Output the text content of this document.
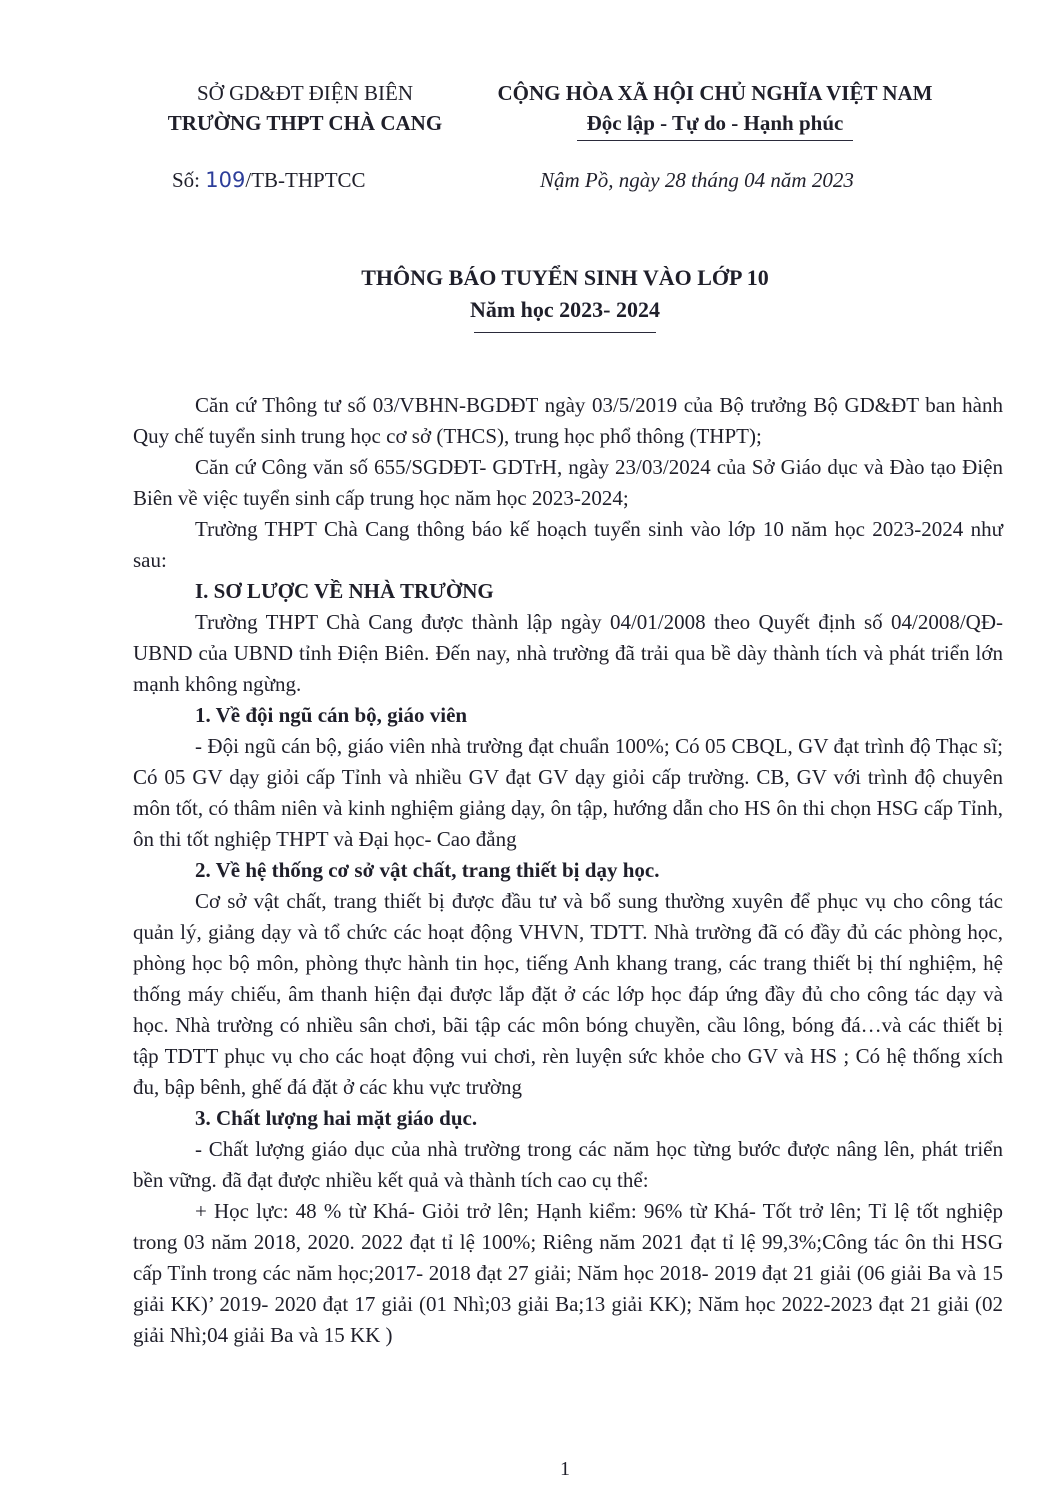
SỞ GD&ĐT ĐIỆN BIÊN
TRƯỜNG THPT CHÀ CANG
CỘNG HÒA XÃ HỘI CHỦ NGHĨA VIỆT NAM
Độc lập - Tự do - Hạnh phúc
Số: 109/TB-THPTCC	Nậm Pồ, ngày 28 tháng 04 năm 2023
THÔNG BÁO TUYỂN SINH VÀO LỚP 10
Năm học 2023- 2024

Căn cứ Thông tư số 03/VBHN-BGDĐT ngày 03/5/2019 của Bộ trưởng Bộ GD&ĐT ban hành Quy chế tuyển sinh trung học cơ sở (THCS), trung học phổ thông (THPT);

Căn cứ Công văn số 655/SGDĐT- GDTrH, ngày 23/03/2024 của Sở Giáo dục và Đào tạo Điện Biên về việc tuyển sinh cấp trung học năm học 2023-2024;

Trường THPT Chà Cang thông báo kế hoạch tuyển sinh vào lớp 10 năm học 2023-2024 như sau:

I. SƠ LƯỢC VỀ NHÀ TRƯỜNG

Trường THPT Chà Cang được thành lập ngày 04/01/2008 theo Quyết định số 04/2008/QĐ-UBND của UBND tỉnh Điện Biên. Đến nay, nhà trường đã trải qua bề dày thành tích và phát triển lớn mạnh không ngừng.

1. Về đội ngũ cán bộ, giáo viên

- Đội ngũ cán bộ, giáo viên nhà trường đạt chuẩn 100%; Có 05 CBQL, GV đạt trình độ Thạc sĩ; Có 05 GV dạy giỏi cấp Tỉnh và nhiều GV đạt GV dạy giỏi cấp trường. CB, GV với trình độ chuyên môn tốt, có thâm niên và kinh nghiệm giảng dạy, ôn tập, hướng dẫn cho HS ôn thi chọn HSG cấp Tỉnh, ôn thi tốt nghiệp THPT và Đại học- Cao đẳng

2. Về hệ thống cơ sở vật chất, trang thiết bị dạy học.

Cơ sở vật chất, trang thiết bị được đầu tư và bổ sung thường xuyên để phục vụ cho công tác quản lý, giảng dạy và tổ chức các hoạt động VHVN, TDTT. Nhà trường đã có đầy đủ các phòng học, phòng học bộ môn, phòng thực hành tin học, tiếng Anh khang trang, các trang thiết bị thí nghiệm, hệ thống máy chiếu, âm thanh hiện đại được lắp đặt ở các lớp học đáp ứng đầy đủ cho công tác dạy và học. Nhà trường có nhiều sân chơi, bãi tập các môn bóng chuyền, cầu lông, bóng đá…và các thiết bị tập TDTT phục vụ cho các hoạt động vui chơi, rèn luyện sức khỏe cho GV và HS ; Có hệ thống xích đu, bập bênh, ghế đá đặt ở các khu vực trường

3. Chất lượng hai mặt giáo dục.

- Chất lượng giáo dục của nhà trường trong các năm học từng bước được nâng lên, phát triển bền vững. đã đạt được nhiều kết quả và thành tích cao cụ thể:

+ Học lực: 48 % từ Khá- Giỏi trở lên; Hạnh kiểm: 96% từ Khá- Tốt trở lên; Tỉ lệ tốt nghiệp trong 03 năm 2018, 2020. 2022 đạt tỉ lệ 100%; Riêng năm 2021 đạt tỉ lệ 99,3%;Công tác ôn thi HSG cấp Tỉnh trong các năm học;2017- 2018 đạt 27 giải; Năm học 2018- 2019 đạt 21 giải (06 giải Ba và 15 giải KK)’ 2019- 2020 đạt 17 giải (01 Nhì;03 giải Ba;13 giải KK); Năm học 2022-2023 đạt 21 giải (02 giải Nhì;04 giải Ba và 15 KK )

1
